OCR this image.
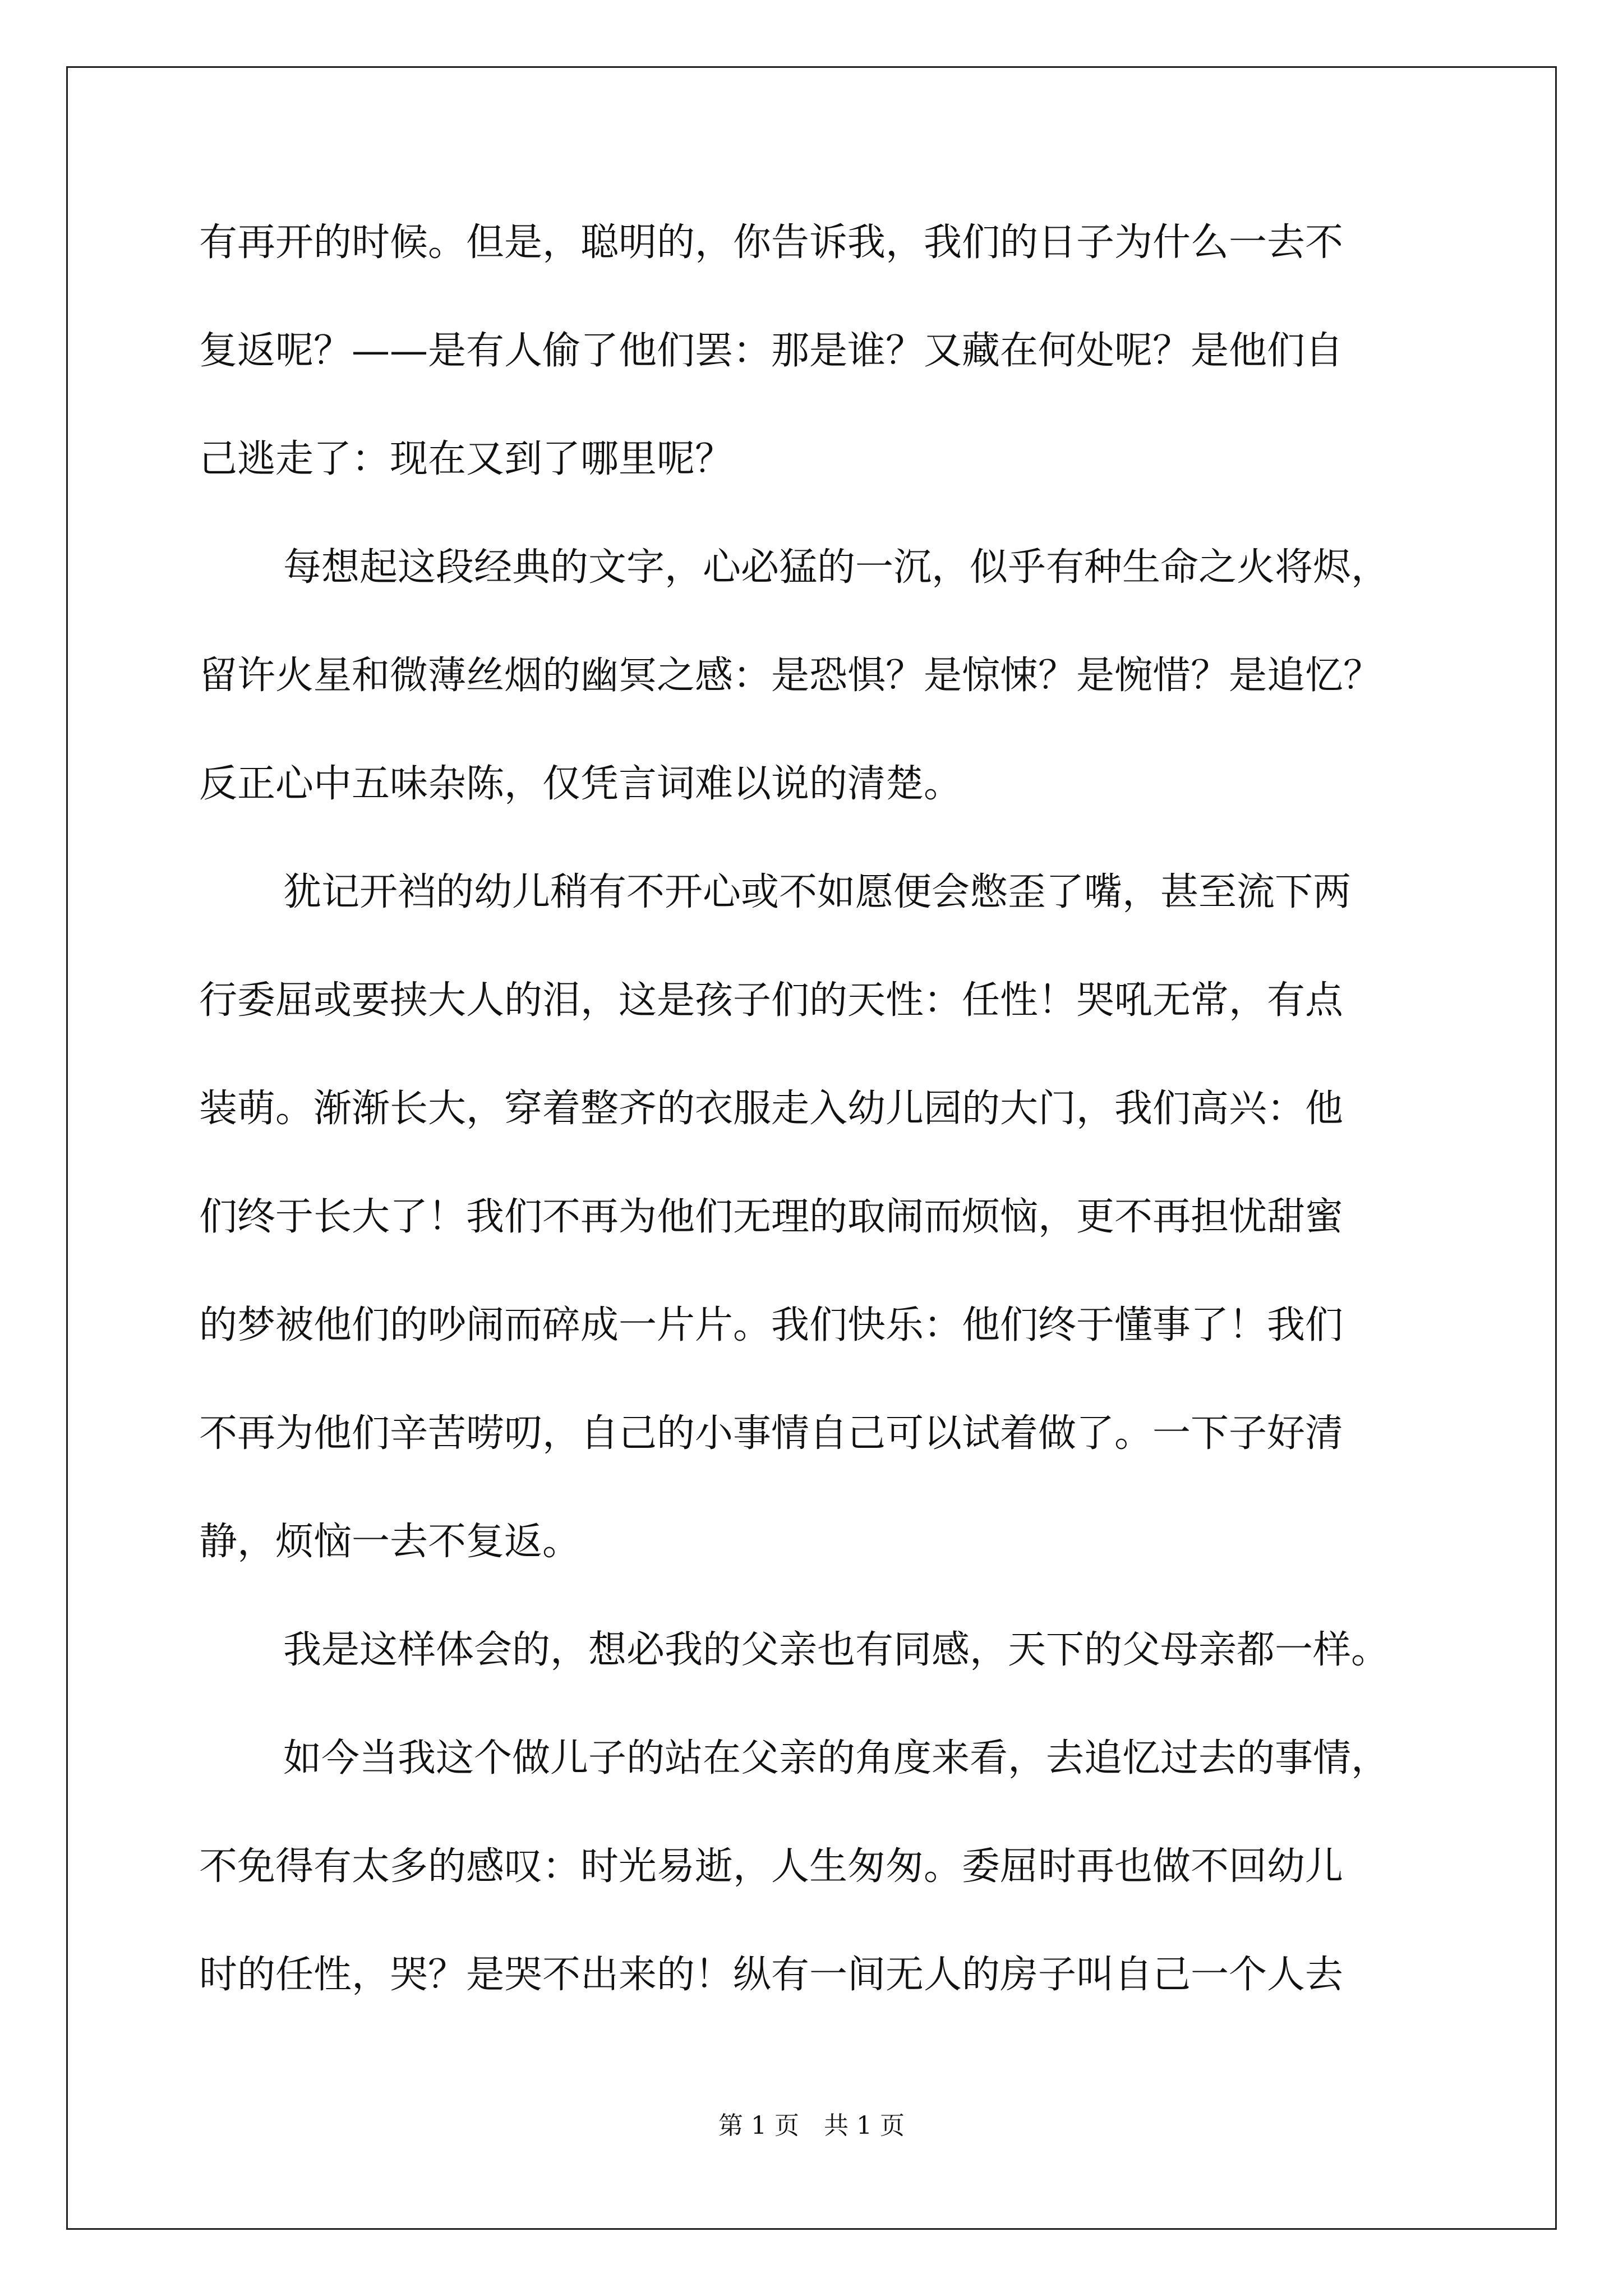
有再开的时候。但是，聪明的，你告诉我，我们的日子为什么一去不
复返呢？——是有人偷了他们罢：那是谁？又藏在何处呢？是他们自
己逃走了：现在又到了哪里呢？
每想起这段经典的文字，心必猛的一沉，似乎有种生命之火将烬，
留许火星和微薄丝烟的幽冥之感：是恐惧？是惊悚？是惋惜？是追忆？
反正心中五味杂陈，仅凭言词难以说的清楚。
犹记开裆的幼儿稍有不开心或不如愿便会憋歪了嘴，甚至流下两
行委屈或要挟大人的泪，这是孩子们的天性：任性！哭吼无常，有点
装萌。渐渐长大，穿着整齐的衣服走入幼儿园的大门，我们高兴：他
们终于长大了！我们不再为他们无理的取闹而烦恼，更不再担忧甜蜜
的梦被他们的吵闹而碎成一片片。我们快乐：他们终于懂事了！我们
不再为他们辛苦唠叨，自己的小事情自己可以试着做了。一下子好清
静，烦恼一去不复返。
我是这样体会的，想必我的父亲也有同感，天下的父母亲都一样。
如今当我这个做儿子的站在父亲的角度来看，去追忆过去的事情，
不免得有太多的感叹：时光易逝，人生匆匆。委屈时再也做不回幼儿
时的任性，哭？是哭不出来的！纵有一间无人的房子叫自己一个人去
第 1 页　共 1 页
